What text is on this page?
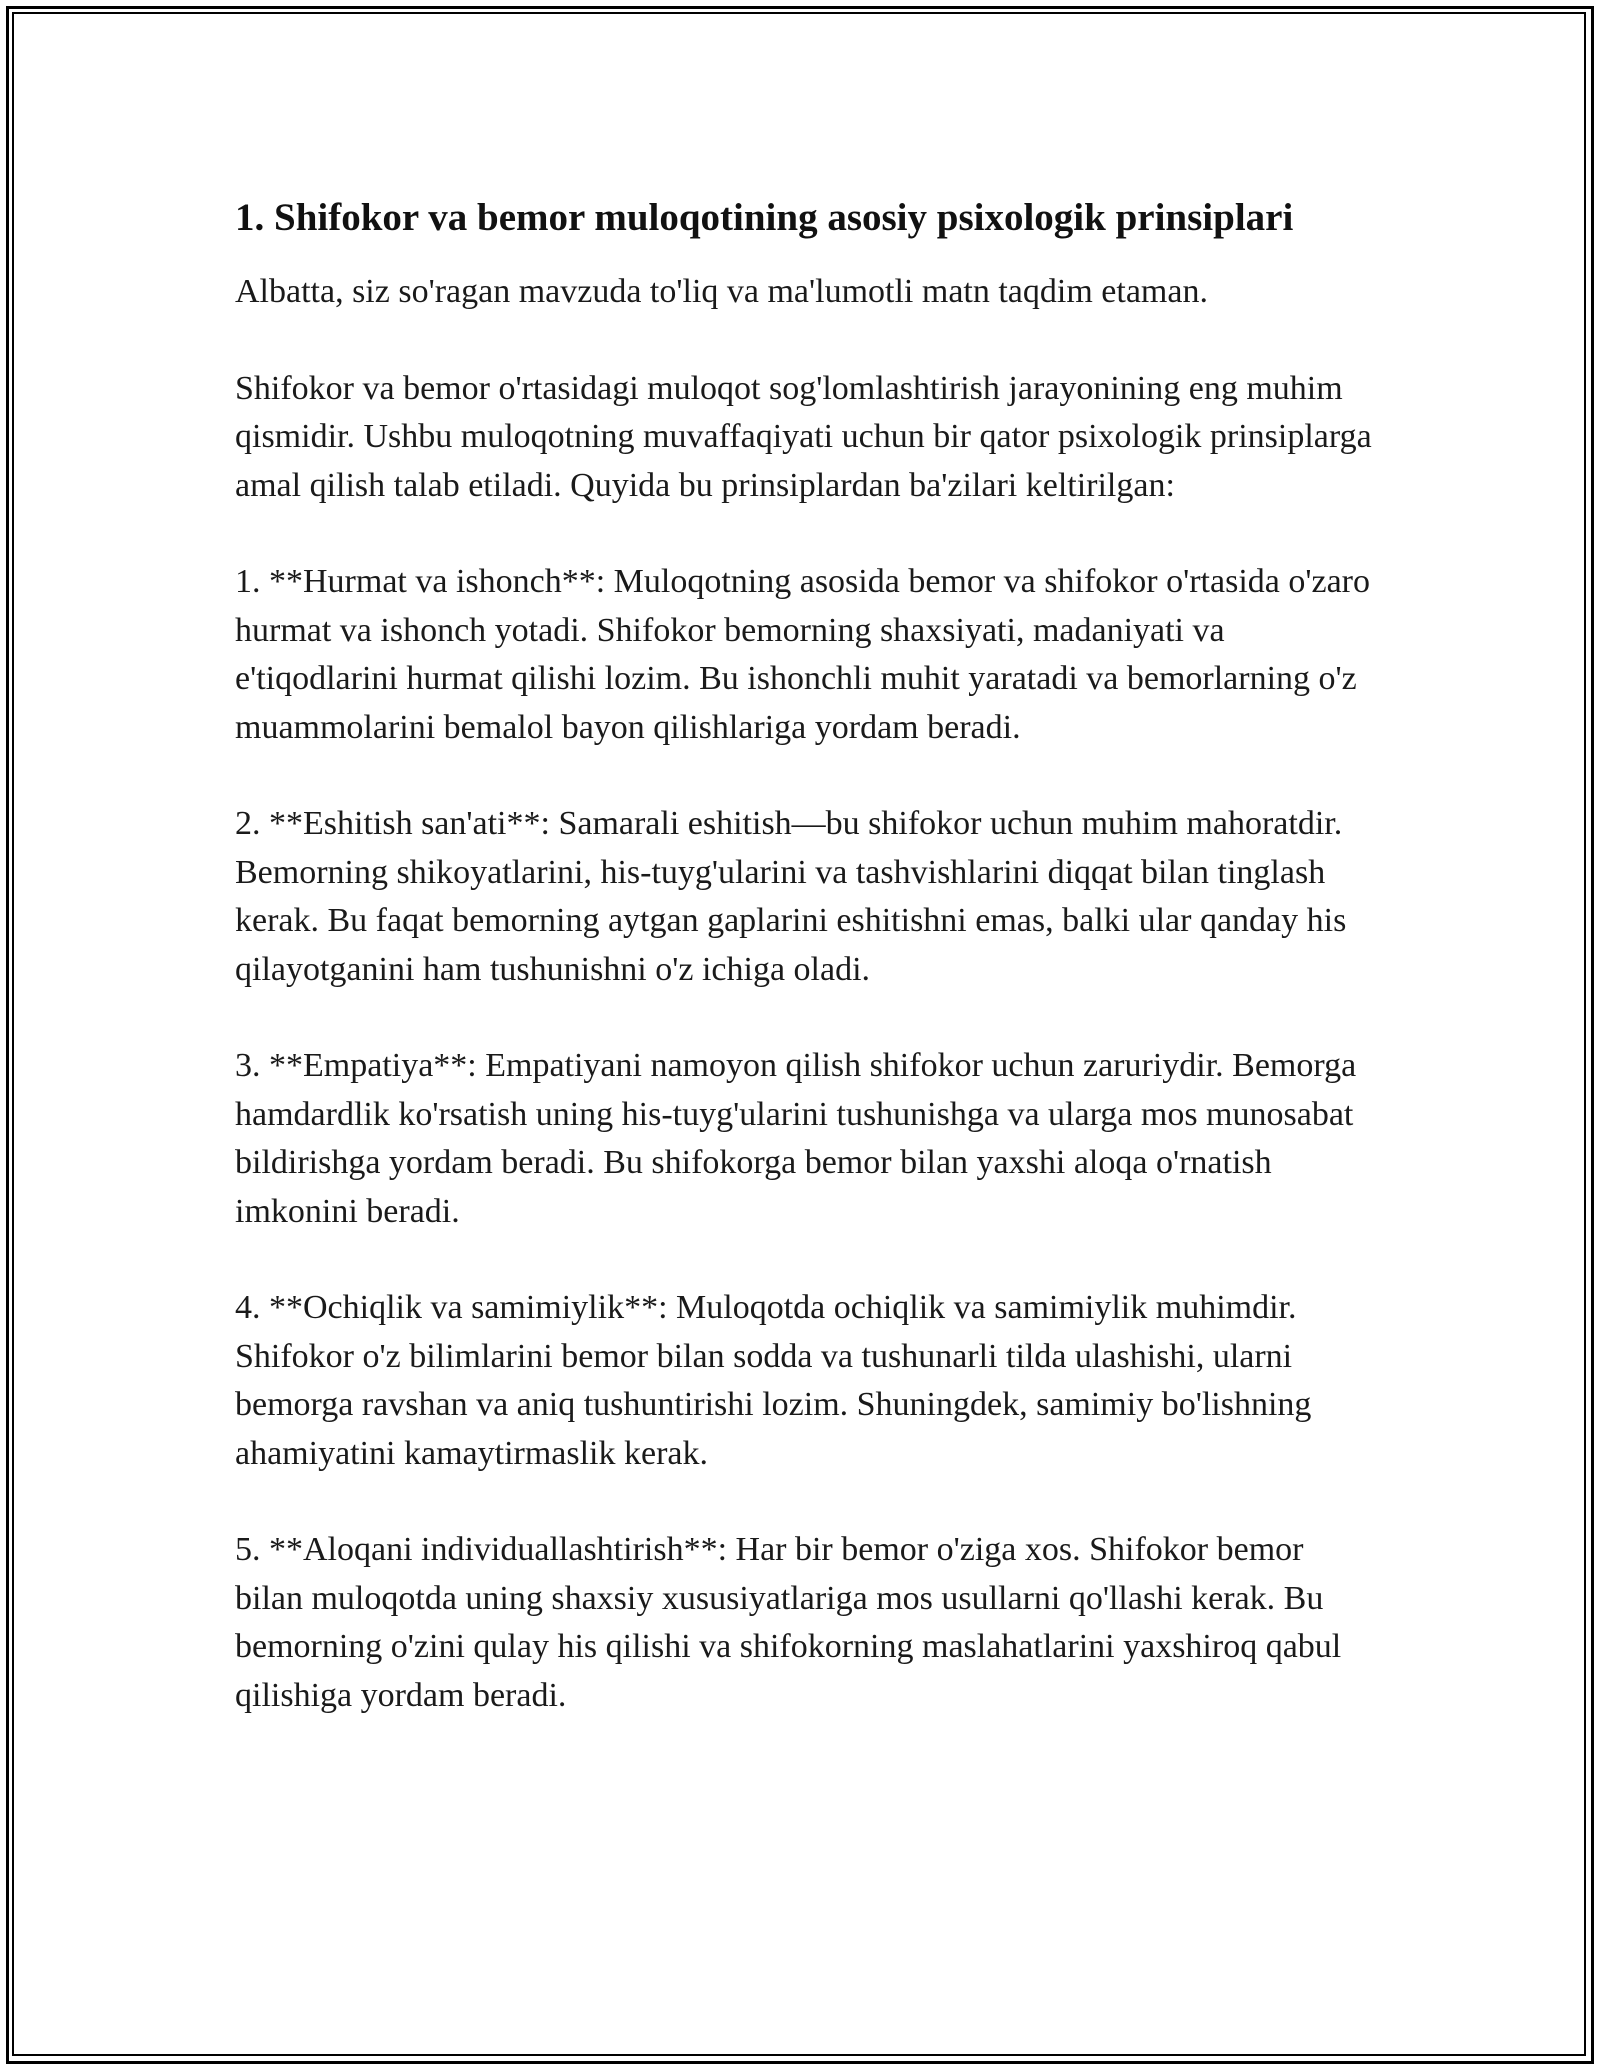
1. Shifokor va bemor muloqotining asosiy psixologik prinsiplari

Albatta, siz so'ragan mavzuda to'liq va ma'lumotli matn taqdim etaman.

Shifokor va bemor o'rtasidagi muloqot sog'lomlashtirish jarayonining eng muhim qismidir. Ushbu muloqotning muvaffaqiyati uchun bir qator psixologik prinsiplarga amal qilish talab etiladi. Quyida bu prinsiplardan ba'zilari keltirilgan:

1. **Hurmat va ishonch**: Muloqotning asosida bemor va shifokor o'rtasida o'zaro hurmat va ishonch yotadi. Shifokor bemorning shaxsiyati, madaniyati va e'tiqodlarini hurmat qilishi lozim. Bu ishonchli muhit yaratadi va bemorlarning o'z muammolarini bemalol bayon qilishlariga yordam beradi.

2. **Eshitish san'ati**: Samarali eshitish—bu shifokor uchun muhim mahoratdir. Bemorning shikoyatlarini, his-tuyg'ularini va tashvishlarini diqqat bilan tinglash kerak. Bu faqat bemorning aytgan gaplarini eshitishni emas, balki ular qanday his qilayotganini ham tushunishni o'z ichiga oladi.

3. **Empatiya**: Empatiyani namoyon qilish shifokor uchun zaruriydir. Bemorga hamdardlik ko'rsatish uning his-tuyg'ularini tushunishga va ularga mos munosabat bildirishga yordam beradi. Bu shifokorga bemor bilan yaxshi aloqa o'rnatish imkonini beradi.

4. **Ochiqlik va samimiylik**: Muloqotda ochiqlik va samimiylik muhimdir. Shifokor o'z bilimlarini bemor bilan sodda va tushunarli tilda ulashishi, ularni bemorga ravshan va aniq tushuntirishi lozim. Shuningdek, samimiy bo'lishning ahamiyatini kamaytirmaslik kerak.

5. **Aloqani individuallashtirish**: Har bir bemor o'ziga xos. Shifokor bemor bilan muloqotda uning shaxsiy xususiyatlariga mos usullarni qo'llashi kerak. Bu bemorning o'zini qulay his qilishi va shifokorning maslahatlarini yaxshiroq qabul qilishiga yordam beradi.
